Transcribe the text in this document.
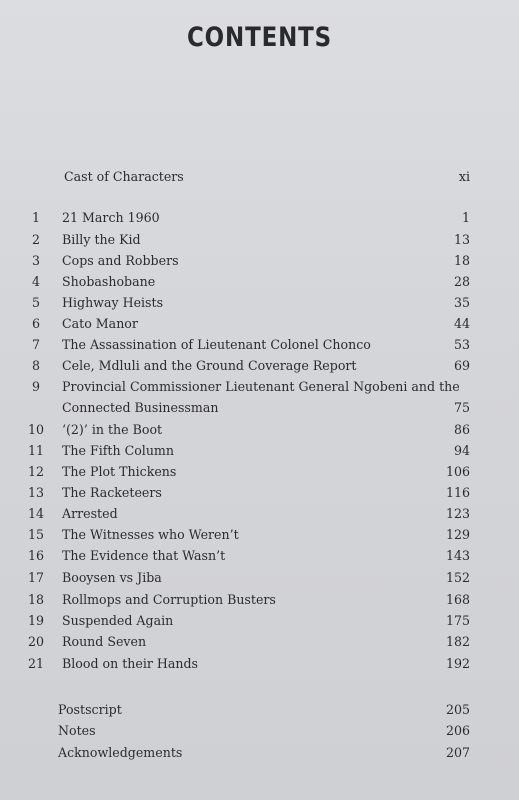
CONTENTS
Cast of Characters	xi
1	21 March 1960	1
2	Billy the Kid	13
3	Cops and Robbers	18
4	Shobashobane	28
5	Highway Heists	35
6	Cato Manor	44
7	The Assassination of Lieutenant Colonel Chonco	53
8	Cele, Mdluli and the Ground Coverage Report	69
9	Provincial Commissioner Lieutenant General Ngobeni and the
Connected Businessman	75
10	‘(2)’ in the Boot	86
11	The Fifth Column	94
12	The Plot Thickens	106
13	The Racketeers	116
14	Arrested	123
15	The Witnesses who Weren’t	129
16	The Evidence that Wasn’t	143
17	Booysen vs Jiba	152
18	Rollmops and Corruption Busters	168
19	Suspended Again	175
20	Round Seven	182
21	Blood on their Hands	192
Postscript	205
Notes	206
Acknowledgements	207
